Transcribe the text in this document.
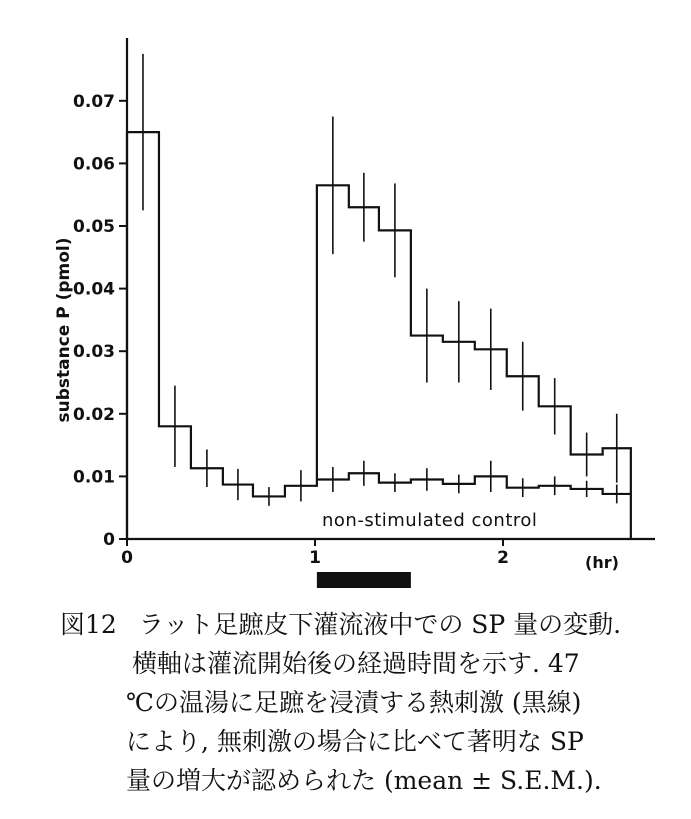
0
0.01
0.02
0.03
0.04
0.05
0.06
0.07
0	1	2
substance P (pmol)
(hr)
non-stimulated control
図12 ラット足蹠皮下灌流液中での SP 量の変動.
横軸は灌流開始後の経過時間を示す. 47
℃の温湯に足蹠を浸漬する熱刺激 (黒線)
により, 無刺激の場合に比べて著明な SP
量の増大が認められた (mean ± S.E.M.).
